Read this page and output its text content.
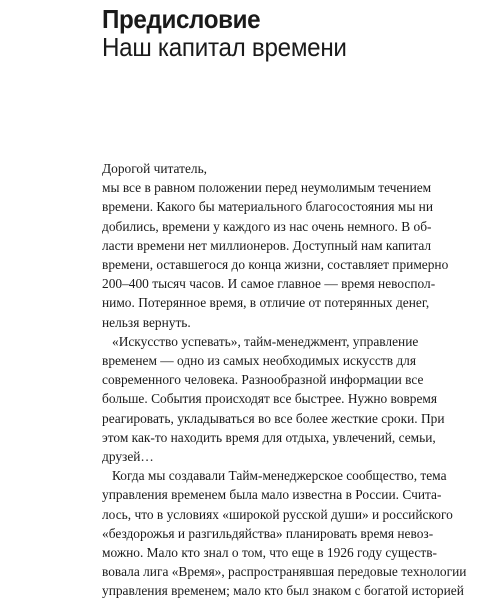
Предисловие
Наш капитал времени
Дорогой читатель,
мы все в равном положении перед неумолимым течением
времени. Какого бы материального благосостояния мы ни
добились, времени у каждого из нас очень немного. В об-
ласти времени нет миллионеров. Доступный нам капитал
времени, оставшегося до конца жизни, составляет примерно
200–400 тысяч часов. И самое главное — время невоспол-
нимо. Потерянное время, в отличие от потерянных денег,
нельзя вернуть.
«Искусство успевать», тайм-менеджмент, управление
временем — одно из самых необходимых искусств для
современного человека. Разнообразной информации все
больше. События происходят все быстрее. Нужно вовремя
реагировать, укладываться во все более жесткие сроки. При
этом как-то находить время для отдыха, увлечений, семьи,
друзей…
Когда мы создавали Тайм-менеджерское сообщество, тема
управления временем была мало известна в России. Счита-
лось, что в условиях «широкой русской души» и российского
«бездорожья и разгильдяйства» планировать время невоз-
можно. Мало кто знал о том, что еще в 1926 году существ-
вовала лига «Время», распространявшая передовые технологии
управления временем; мало кто был знаком с богатой историей
